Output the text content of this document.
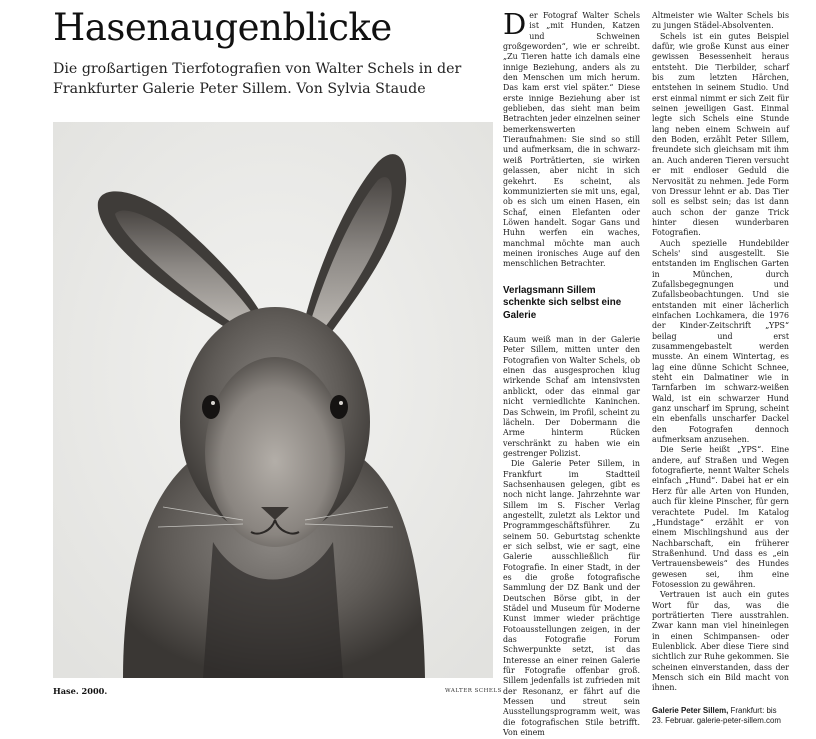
Hasenaugenblicke

Die großartigen Tierfotografien von Walter Schels in der Frankfurter Galerie Peter Sillem. Von Sylvia Staude

Hase. 2000.	WALTER SCHELS

Der Fotograf Walter Schels ist „mit Hunden, Katzen und Schweinen großgeworden“, wie er schreibt. „Zu Tieren hatte ich damals eine innige Beziehung, anders als zu den Menschen um mich herum. Das kam erst viel später.“ Diese erste innige Beziehung aber ist geblieben, das sieht man beim Betrachten jeder einzelnen seiner bemerkenswerten Tieraufnahmen: Sie sind so still und aufmerksam, die in schwarz-weiß Porträtierten, sie wirken gelassen, aber nicht in sich gekehrt. Es scheint, als kommunizierten sie mit uns, egal, ob es sich um einen Hasen, ein Schaf, einen Elefanten oder Löwen handelt. Sogar Gans und Huhn werfen ein waches, manchmal möchte man auch meinen ironisches Auge auf den menschlichen Betrachter.

Verlagsmann Sillem schenkte sich selbst eine Galerie

Kaum weiß man in der Galerie Peter Sillem, mitten unter den Fotografien von Walter Schels, ob einen das ausgesprochen klug wirkende Schaf am intensivsten anblickt, oder das einmal gar nicht verniedlichte Kaninchen. Das Schwein, im Profil, scheint zu lächeln. Der Dobermann die Arme hinterm Rücken verschränkt zu haben wie ein gestrenger Polizist.

Die Galerie Peter Sillem, in Frankfurt im Stadtteil Sachsenhausen gelegen, gibt es noch nicht lange. Jahrzehnte war Sillem im S. Fischer Verlag angestellt, zuletzt als Lektor und Programmgeschäftsführer. Zu seinem 50. Geburtstag schenkte er sich selbst, wie er sagt, eine Galerie ausschließlich für Fotografie. In einer Stadt, in der es die große fotografische Sammlung der DZ Bank und der Deutschen Börse gibt, in der Städel und Museum für Moderne Kunst immer wieder prächtige Fotoausstellungen zeigen, in der das Fotografie Forum Schwerpunkte setzt, ist das Interesse an einer reinen Galerie für Fotografie offenbar groß. Sillem jedenfalls ist zufrieden mit der Resonanz, er fährt auf die Messen und streut sein Ausstellungsprogramm weit, was die fotografischen Stile betrifft. Von einem

Altmeister wie Walter Schels bis zu jungen Städel-Absolventen.

Schels ist ein gutes Beispiel dafür, wie große Kunst aus einer gewissen Besessenheit heraus entsteht. Die Tierbilder, scharf bis zum letzten Härchen, entstehen in seinem Studio. Und erst einmal nimmt er sich Zeit für seinen jeweiligen Gast. Einmal legte sich Schels eine Stunde lang neben einem Schwein auf den Boden, erzählt Peter Sillem, freundete sich gleichsam mit ihm an. Auch anderen Tieren versucht er mit endloser Geduld die Nervosität zu nehmen. Jede Form von Dressur lehnt er ab. Das Tier soll es selbst sein; das ist dann auch schon der ganze Trick hinter diesen wunderbaren Fotografien.

Auch spezielle Hundebilder Schels' sind ausgestellt. Sie entstanden im Englischen Garten in München, durch Zufallsbegegnungen und Zufallsbeobachtungen. Und sie entstanden mit einer lächerlich einfachen Lochkamera, die 1976 der Kinder-Zeitschrift „YPS“ beilag und erst zusammengebastelt werden musste. An einem Wintertag, es lag eine dünne Schicht Schnee, steht ein Dalmatiner wie in Tarnfarben im schwarz-weißen Wald, ist ein schwarzer Hund ganz unscharf im Sprung, scheint ein ebenfalls unscharfer Dackel den Fotografen dennoch aufmerksam anzusehen.

Die Serie heißt „YPS“. Eine andere, auf Straßen und Wegen fotografierte, nennt Walter Schels einfach „Hund“. Dabei hat er ein Herz für alle Arten von Hunden, auch für kleine Pinscher, für gern verachtete Pudel. Im Katalog „Hundstage“ erzählt er von einem Mischlingshund aus der Nachbarschaft, ein früherer Straßenhund. Und dass es „ein Vertrauensbeweis“ des Hundes gewesen sei, ihm eine Fotosession zu gewähren.

Vertrauen ist auch ein gutes Wort für das, was die porträtierten Tiere ausstrahlen. Zwar kann man viel hineinlegen in einen Schimpansen- oder Eulenblick. Aber diese Tiere sind sichtlich zur Ruhe gekommen. Sie scheinen einverstanden, dass der Mensch sich ein Bild macht von ihnen.

Galerie Peter Sillem, Frankfurt: bis 23. Februar. galerie-peter-sillem.com
